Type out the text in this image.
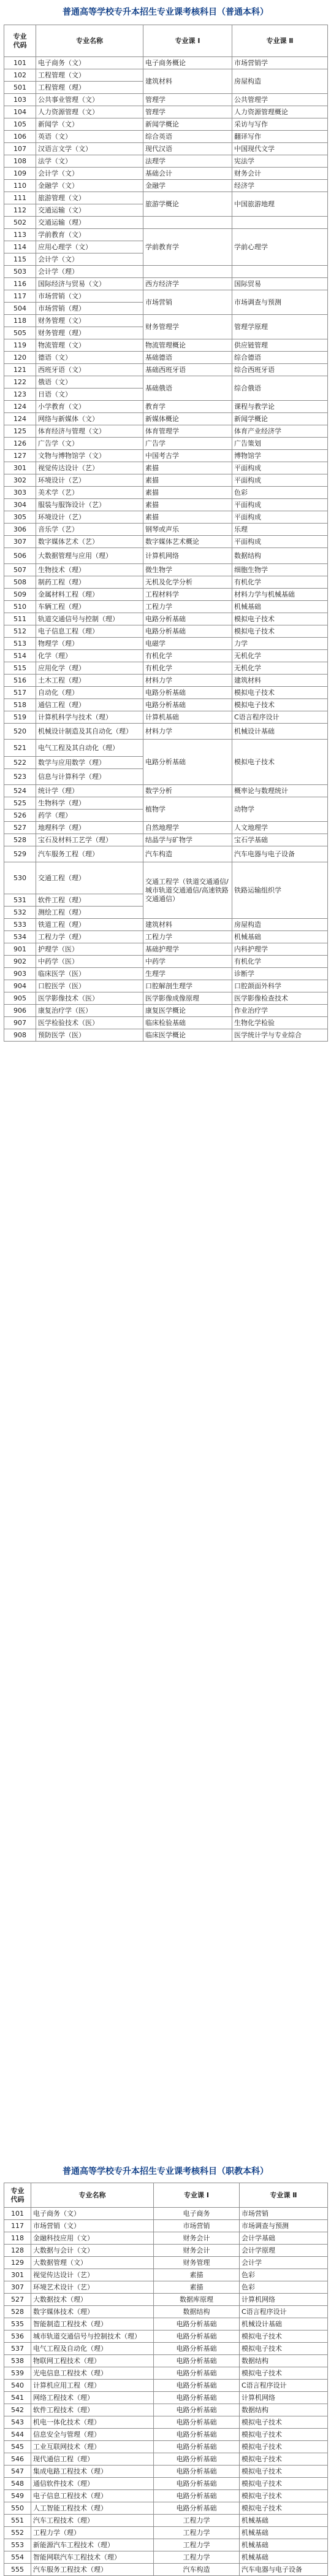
普通高等学校专升本招生专业课考核科目（普通本科）
专业
代码	专业名称	专业课 Ⅰ	专业课 Ⅱ
101	电子商务（文）	电子商务概论	市场营销学
102	工程管理（文）	建筑材料	房屋构造
501	工程管理（理）		
103	公共事业管理（文）	管理学	公共管理学
104	人力资源管理（文）	管理学	人力资源管理概论
105	新闻学（文）	新闻学概论	采访与写作
106	英语（文）	综合英语	翻译写作
107	汉语言文学（文）	现代汉语	中国现代文学
108	法学（文）	法理学	宪法学
109	会计学（文）	基础会计	财务会计
110	金融学（文）	金融学	经济学
111	旅游管理（文）	旅游学概论	中国旅游地理
112	交通运输（文）		
502	交通运输（理）		
113	学前教育（文）	学前教育学	学前心理学
114	应用心理学（文）		
115	会计学（文）		
503	会计学（理）		
116	国际经济与贸易（文）	西方经济学	国际贸易
117	市场营销（文）	市场营销	市场调查与预测
504	市场营销（理）		
118	财务管理（文）	财务管理学	管理学原理
505	财务管理（理）		
119	物流管理（文）	物流管理概论	供应链管理
120	德语（文）	基础德语	综合德语
121	西班牙语（文）	基础西班牙语	综合西班牙语
122	俄语（文）	基础俄语	综合俄语
123	日语（文）		
124	小学教育（文）	教育学	课程与教学论
124	网络与新媒体（文）	新媒体概论	新闻学概论
125	体育经济与管理（文）	体育管理学	体育产业经济学
126	广告学（文）	广告学	广告策划
127	文物与博物馆学（文）	中国考古学	博物馆学
301	视觉传达设计（艺）	素描	平面构成
302	环境设计（艺）	素描	平面构成
303	美术学（艺）	素描	色彩
304	服装与服饰设计（艺）	素描	平面构成
305	环境设计（艺）	素描	平面构成
306	音乐学（艺）	钢琴或声乐	乐理
307	数字媒体艺术（艺）	数字媒体艺术概论	平面构成
506	大数据管理与应用（理）	计算机网络	数据结构
507	生物技术（理）	微生物学	细胞生物学
508	制药工程（理）	无机及化学分析	有机化学
509	金属材料工程（理）	工程材料学	材料力学与机械基础
510	车辆工程（理）	工程力学	机械基础
511	轨道交通信号与控制（理）	电路分析基础	模拟电子技术
512	电子信息工程（理）	电路分析基础	模拟电子技术
513	物理学（理）	电磁学	力学
514	化学（理）	有机化学	无机化学
515	应用化学（理）	有机化学	无机化学
516	土木工程（理）	材料力学	建筑材料
517	自动化（理）	电路分析基础	模拟电子技术
518	通信工程（理）	电路分析基础	模拟电子技术
519	计算机科学与技术（理）	计算机基础	C语言程序设计
520	机械设计制造及其自动化（理）	材料力学	机械设计基础
521	电气工程及其自动化（理）	电路分析基础	模拟电子技术
522	数学与应用数学（理）		
523	信息与计算科学（理）		
524	统计学（理）	数学分析	概率论与数理统计
525	生物科学（理）	植物学	动物学
526	药学（理）		
527	地理科学（理）	自然地理学	人文地理学
528	宝石及材料工艺学（理）	结晶学与矿物学	宝石学基础
529	汽车服务工程（理）	汽车构造	汽车电器与电子设备
530	交通工程（理）	交通工程学（铁道交通通信/城市轨道交通通信/高速铁路交通通信）	铁路运输组织学
531	软件工程（理）		
532	测绘工程（理）		
533	铁道工程（理）	建筑材料	房屋构造
534	工程力学（理）	工程力学	机械基础
901	护理学（医）	基础护理学	内科护理学
902	中药学（医）	中药学	有机化学
903	临床医学（医）	生理学	诊断学
904	口腔医学（医）	口腔解剖生理学	口腔颌面外科学
905	医学影像技术（医）	医学影像成像原理	医学影像检查技术
906	康复治疗学（医）	康复医学概论	作业治疗学
907	医学检验技术（医）	临床检验基础	生物化学检验
908	预防医学（医）	临床医学概论	医学统计学与专业综合
普通高等学校专升本招生专业课考核科目（职教本科）
专业
代码	专业名称	专业课 Ⅰ	专业课 Ⅱ
101	电子商务（文）	电子商务	市场营销
117	市场营销（文）	市场营销	市场调查与预测
118	金融科技应用（文）	财务会计	会计学基础
128	大数据与会计（文）	财务会计	会计学原理
129	大数据管理（文）	财务管理	会计学
301	视觉传达设计（艺）	素描	色彩
307	环境艺术设计（艺）	素描	色彩
527	大数据技术（理）	数据库原理	计算机网络
528	数字媒体技术（理）	数据结构	C语言程序设计
535	智能制造工程技术（理）	电路分析基础	机械设计基础
536	城市轨道交通信号与控制技术（理）	电路分析基础	模拟电子技术
537	电气工程及自动化（理）	电路分析基础	模拟电子技术
538	物联网工程技术（理）	电路分析基础	数据结构
539	光电信息工程技术（理）	电路分析基础	模拟电子技术
540	计算机应用工程（理）	电路分析基础	C语言程序设计
541	网络工程技术（理）	电路分析基础	计算机网络
542	软件工程技术（理）	电路分析基础	数据结构
543	机电一体化技术（理）	电路分析基础	模拟电子技术
544	信息安全与管理（理）	电路分析基础	模拟电子技术
545	工业互联网技术（理）	电路分析基础	模拟电子技术
546	现代通信工程（理）	电路分析基础	模拟电子技术
547	集成电路工程技术（理）	电路分析基础	模拟电子技术
548	通信软件技术（理）	电路分析基础	模拟电子技术
549	电子信息工程技术（理）	电路分析基础	模拟电子技术
550	人工智能工程技术（理）	电路分析基础	模拟电子技术
551	汽车工程技术（理）	工程力学	机械基础
552	工程力学（理）	工程力学	机械基础
553	新能源汽车工程技术（理）	工程力学	机械基础
554	智能网联汽车工程技术（理）	工程力学	机械基础
555	汽车服务工程技术（理）	汽车构造	汽车电器与电子设备
